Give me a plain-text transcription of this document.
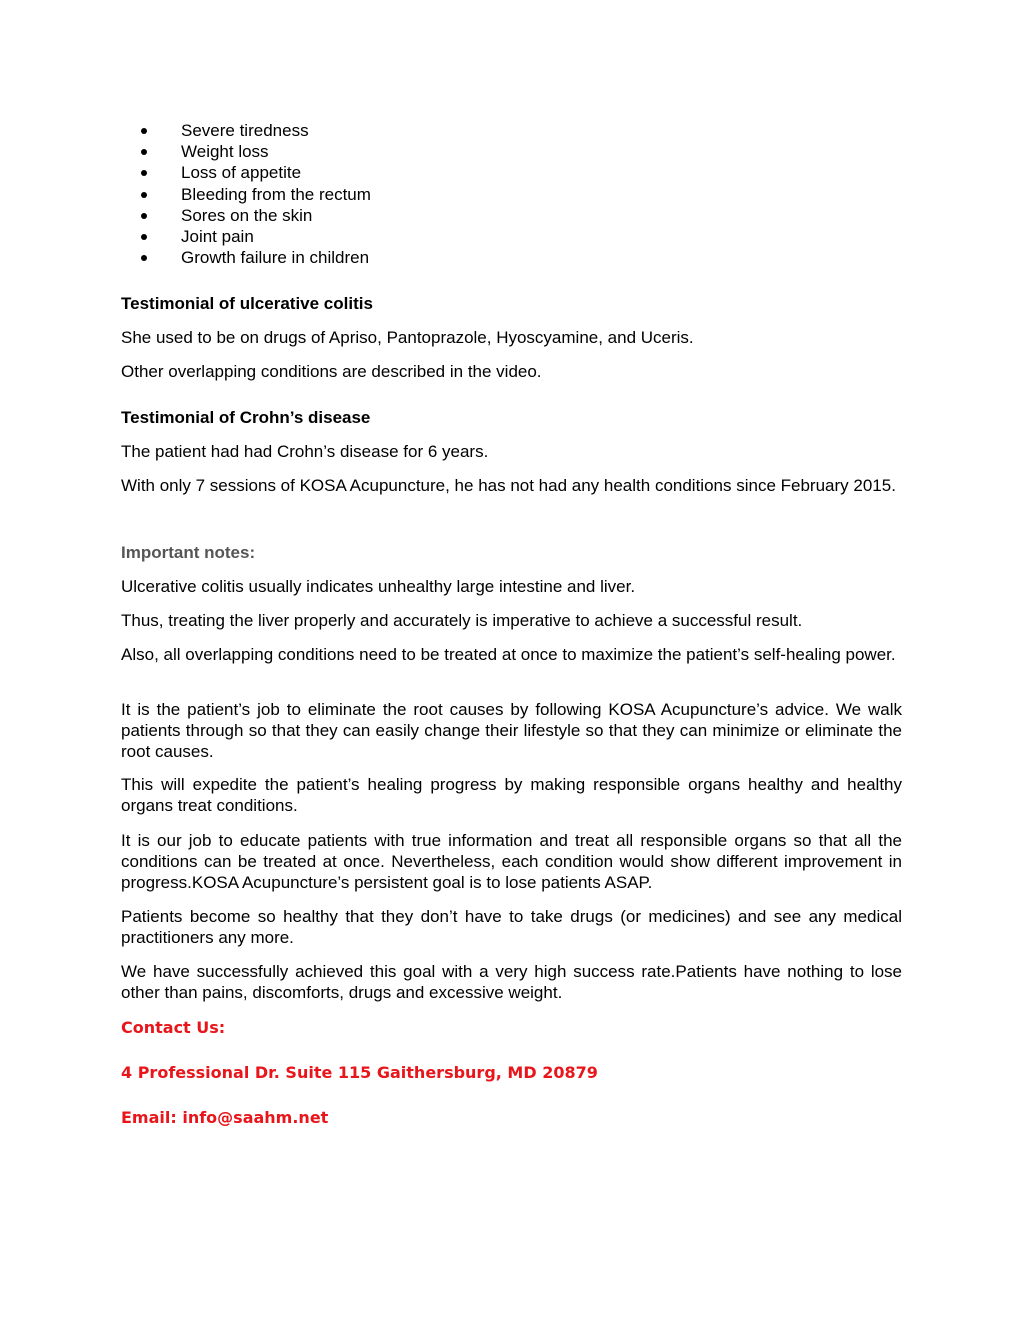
Severe tiredness
Weight loss
Loss of appetite
Bleeding from the rectum
Sores on the skin
Joint pain
Growth failure in children
Testimonial of ulcerative colitis
She used to be on drugs of Apriso, Pantoprazole, Hyoscyamine, and Uceris.
Other overlapping conditions are described in the video.
Testimonial of Crohn’s disease
The patient had had Crohn’s disease for 6 years.
With only 7 sessions of KOSA Acupuncture, he has not had any health conditions since February 2015.
Important notes:
Ulcerative colitis usually indicates unhealthy large intestine and liver.
Thus, treating the liver properly and accurately is imperative to achieve a successful result.
Also, all overlapping conditions need to be treated at once to maximize the patient’s self-healing power.
It is the patient’s job to eliminate the root causes by following KOSA Acupuncture’s advice. We walk patients through so that they can easily change their lifestyle so that they can minimize or eliminate the root causes.
This will expedite the patient’s healing progress by making responsible organs healthy and healthy organs treat conditions.
It is our job to educate patients with true information and treat all responsible organs so that all the conditions can be treated at once. Nevertheless, each condition would show different improvement in progress.KOSA Acupuncture’s persistent goal is to lose patients ASAP.
Patients become so healthy that they don’t have to take drugs (or medicines) and see any medical practitioners any more.
We have successfully achieved this goal with a very high success rate.Patients have nothing to lose other than pains, discomforts, drugs and excessive weight.
Contact Us:
4 Professional Dr. Suite 115 Gaithersburg, MD 20879
Email: info@saahm.net
